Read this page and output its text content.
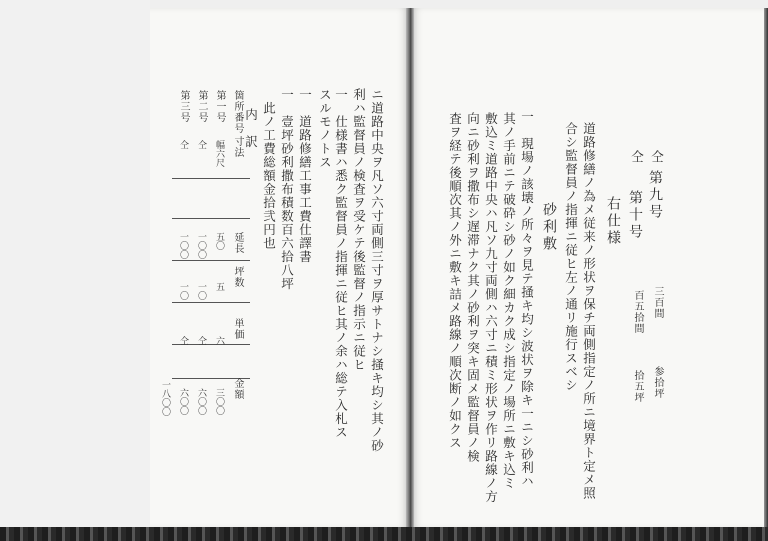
ニ道路中央ヲ凡ソ六寸両側三寸ヲ厚サトナシ掻キ均シ其ノ砂
利ハ監督員ノ検査ヲ受ケテ後監督ノ指示ニ従ヒ
一　仕様書ハ悉ク監督員ノ指揮ニ従ヒ其ノ余ハ総テ入札ス
スルモノトス
一　道路修繕工事工費仕譯書
一　壹坪砂利撒布積数百六拾八坪
　此ノ工費総額金拾弐円也
内　訳
箇所番号
第一号
第二号
第三号
寸法
延長
坪数
単価
金額
幅六尺
仝
仝
五〇
一〇〇
一〇〇
五
一〇
一〇
六
仝
仝
三〇〇
六〇〇
六〇〇
一八〇〇
第九号
三百間
参拾坪
仝
第十号
百五拾間
拾五坪
仝
右仕様
道路修繕ノ為メ従来ノ形状ヲ保チ両側指定ノ所ニ境界ト定メ照
合シ監督員ノ指揮ニ従ヒ左ノ通リ施行スベシ
砂利敷
一　現場ノ該壊ノ所々ヲ見テ掻キ均シ波状ヲ除キ一ニシ砂利ハ
其ノ手前ニテ破砕シ砂ノ如ク細カク成シ指定ノ場所ニ敷キ込ミ
敷込ミ道路中央ハ凡ソ九寸両側ハ六寸ニ積ミ形状ヲ作リ路線ノ方
向ニ砂利ヲ撒布シ遅滞ナク其ノ砂利ヲ突キ固メ監督員ノ検
査ヲ経テ後順次其ノ外ニ敷キ詰メ路線ノ順次断ノ如クス
